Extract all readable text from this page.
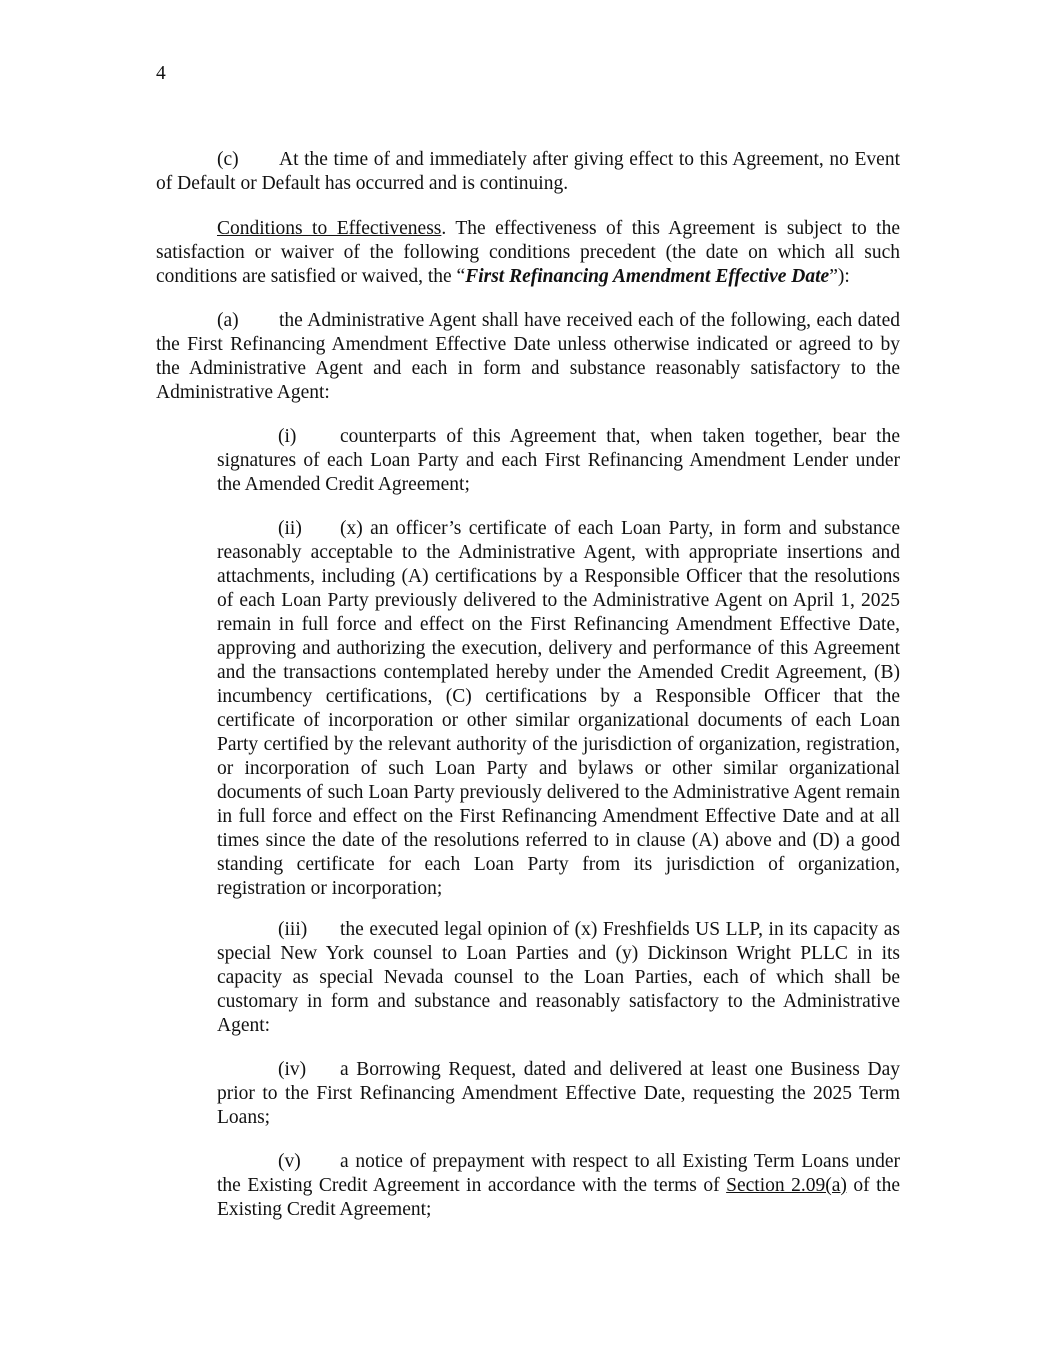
4

(c) At the time of and immediately after giving effect to this Agreement, no Event of Default or Default has occurred and is continuing.

Conditions to Effectiveness. The effectiveness of this Agreement is subject to the satisfaction or waiver of the following conditions precedent (the date on which all such conditions are satisfied or waived, the “First Refinancing Amendment Effective Date”):

(a) the Administrative Agent shall have received each of the following, each dated the First Refinancing Amendment Effective Date unless otherwise indicated or agreed to by the Administrative Agent and each in form and substance reasonably satisfactory to the Administrative Agent:

(i) counterparts of this Agreement that, when taken together, bear the signatures of each Loan Party and each First Refinancing Amendment Lender under the Amended Credit Agreement;

(ii) (x) an officer’s certificate of each Loan Party, in form and substance reasonably acceptable to the Administrative Agent, with appropriate insertions and attachments, including (A) certifications by a Responsible Officer that the resolutions of each Loan Party previously delivered to the Administrative Agent on April 1, 2025 remain in full force and effect on the First Refinancing Amendment Effective Date, approving and authorizing the execution, delivery and performance of this Agreement and the transactions contemplated hereby under the Amended Credit Agreement, (B) incumbency certifications, (C) certifications by a Responsible Officer that the certificate of incorporation or other similar organizational documents of each Loan Party certified by the relevant authority of the jurisdiction of organization, registration, or incorporation of such Loan Party and bylaws or other similar organizational documents of such Loan Party previously delivered to the Administrative Agent remain in full force and effect on the First Refinancing Amendment Effective Date and at all times since the date of the resolutions referred to in clause (A) above and (D) a good standing certificate for each Loan Party from its jurisdiction of organization, registration or incorporation;

(iii) the executed legal opinion of (x) Freshfields US LLP, in its capacity as special New York counsel to Loan Parties and (y) Dickinson Wright PLLC in its capacity as special Nevada counsel to the Loan Parties, each of which shall be customary in form and substance and reasonably satisfactory to the Administrative Agent:

(iv) a Borrowing Request, dated and delivered at least one Business Day prior to the First Refinancing Amendment Effective Date, requesting the 2025 Term Loans;

(v) a notice of prepayment with respect to all Existing Term Loans under the Existing Credit Agreement in accordance with the terms of Section 2.09(a) of the Existing Credit Agreement;
